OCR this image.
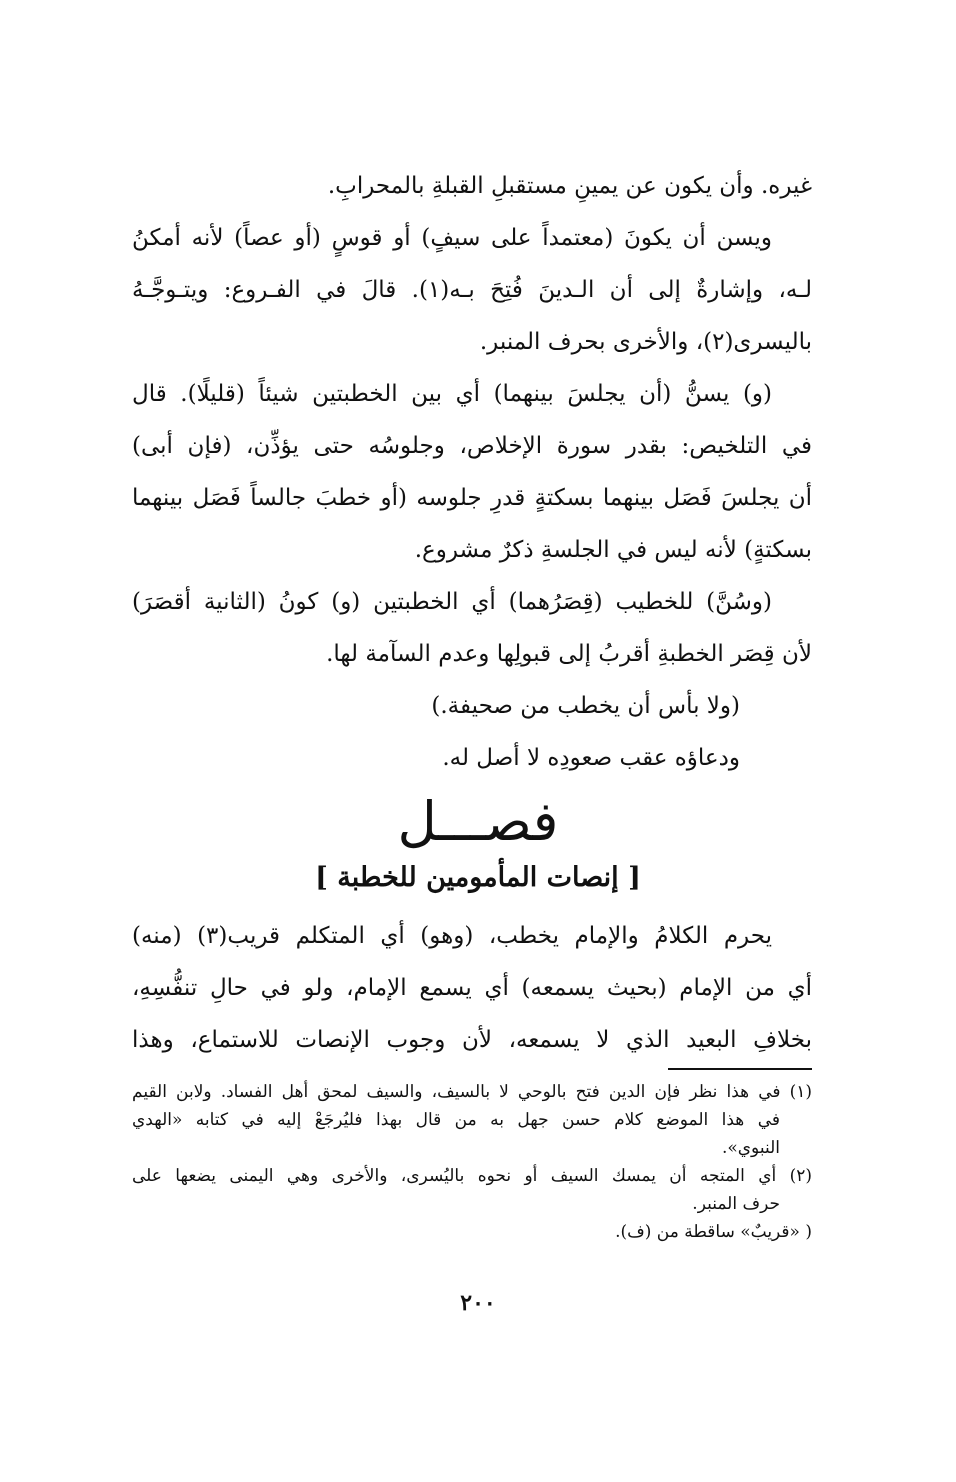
غيره. وأن يكون عن يمينِ مستقبلِ القبلةِ بالمحرابِ.
ويسن أن يكونَ (معتمداً على سيفٍ) أو قوسٍ (أو عصاً) لأنه أمكنُ
لـه، وإشارةٌ إلى أن الـدينَ فُتِحَ بـه(١). قالَ في الفـروع: ويتـوجَّـهُ
باليسرى(٢)، والأخرى بحرف المنبر.
(و) يسنُّ (أن يجلسَ بينهما) أي بين الخطبتين شيئاً (قليلًا). قال
في التلخيص: بقدر سورة الإخلاص، وجلوسُه حتى يؤذِّن، (فإن أبى)
أن يجلسَ فَصَل بينهما بسكتةٍ قدرِ جلوسه (أو خطبَ جالساً فَصَل بينهما
بسكتةٍ) لأنه ليس في الجلسةِ ذكرٌ مشروع.
(وسُنَّ) للخطيب (قِصَرُهما) أي الخطبتين (و) كونُ (الثانية أقصَرَ)
لأن قِصَر الخطبةِ أقربُ إلى قبولِها وعدم السآمة لها.
(ولا بأس أن يخطب من صحيفة.)
ودعاؤه عقب صعودِه لا أصل له.
فصـــل
[ إنصات المأمومين للخطبة ]
يحرم الكلامُ والإمام يخطب، (وهو) أي المتكلم قريب(٣) (منه)
أي من الإمام (بحيث يسمعه) أي يسمع الإمام، ولو في حالِ تنفُّسِهِ،
بخلافِ البعيد الذي لا يسمعه، لأن وجوب الإنصات للاستماع، وهذا
(١) في هذا نظر فإن الدين فتح بالوحي لا بالسيف، والسيف لمحق أهل الفساد. ولابن القيم
في هذا الموضع كلام حسن جهل به من قال بهذا فليُرجَعْ إليه في كتابه «الهدي
النبوي».
(٢) أي المتجه أن يمسك السيف أو نحوه باليُسرى، والأخرى وهي اليمنى يضعها على
حرف المنبر.
( «قريبٌ» ساقطة من (ف).
٢٠٠
